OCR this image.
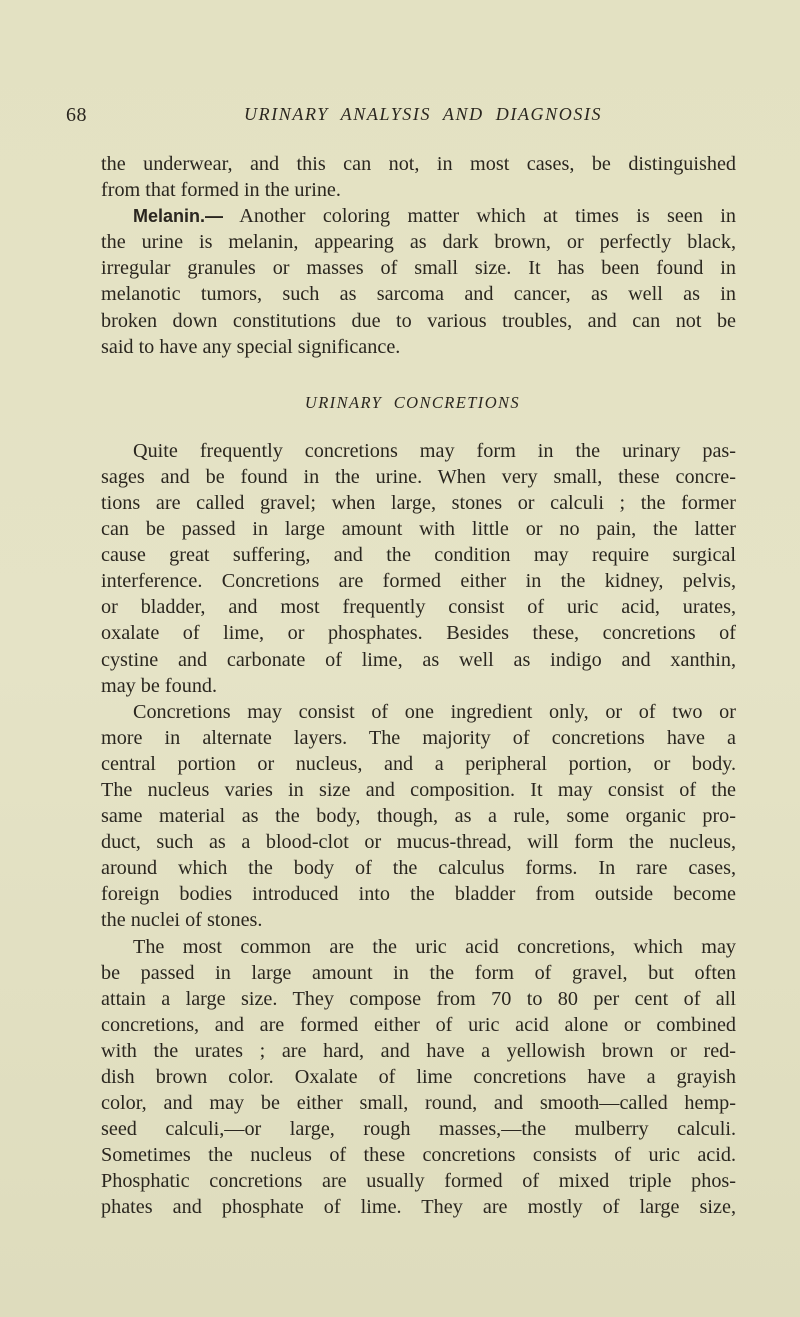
68	URINARY ANALYSIS AND DIAGNOSIS
the underwear, and this can not, in most cases, be distinguished
from that formed in the urine.
Melanin.— Another coloring matter which at times is seen in
the urine is melanin, appearing as dark brown, or perfectly black,
irregular granules or masses of small size. It has been found in
melanotic tumors, such as sarcoma and cancer, as well as in
broken down constitutions due to various troubles, and can not be
said to have any special significance.
URINARY CONCRETIONS
Quite frequently concretions may form in the urinary pas-
sages and be found in the urine. When very small, these concre-
tions are called gravel; when large, stones or calculi ; the former
can be passed in large amount with little or no pain, the latter
cause great suffering, and the condition may require surgical
interference. Concretions are formed either in the kidney, pelvis,
or bladder, and most frequently consist of uric acid, urates,
oxalate of lime, or phosphates. Besides these, concretions of
cystine and carbonate of lime, as well as indigo and xanthin,
may be found.
Concretions may consist of one ingredient only, or of two or
more in alternate layers. The majority of concretions have a
central portion or nucleus, and a peripheral portion, or body.
The nucleus varies in size and composition. It may consist of the
same material as the body, though, as a rule, some organic pro-
duct, such as a blood-clot or mucus-thread, will form the nucleus,
around which the body of the calculus forms. In rare cases,
foreign bodies introduced into the bladder from outside become
the nuclei of stones.
The most common are the uric acid concretions, which may
be passed in large amount in the form of gravel, but often
attain a large size. They compose from 70 to 80 per cent of all
concretions, and are formed either of uric acid alone or combined
with the urates ; are hard, and have a yellowish brown or red-
dish brown color. Oxalate of lime concretions have a grayish
color, and may be either small, round, and smooth—called hemp-
seed calculi,—or large, rough masses,—the mulberry calculi.
Sometimes the nucleus of these concretions consists of uric acid.
Phosphatic concretions are usually formed of mixed triple phos-
phates and phosphate of lime. They are mostly of large size,
